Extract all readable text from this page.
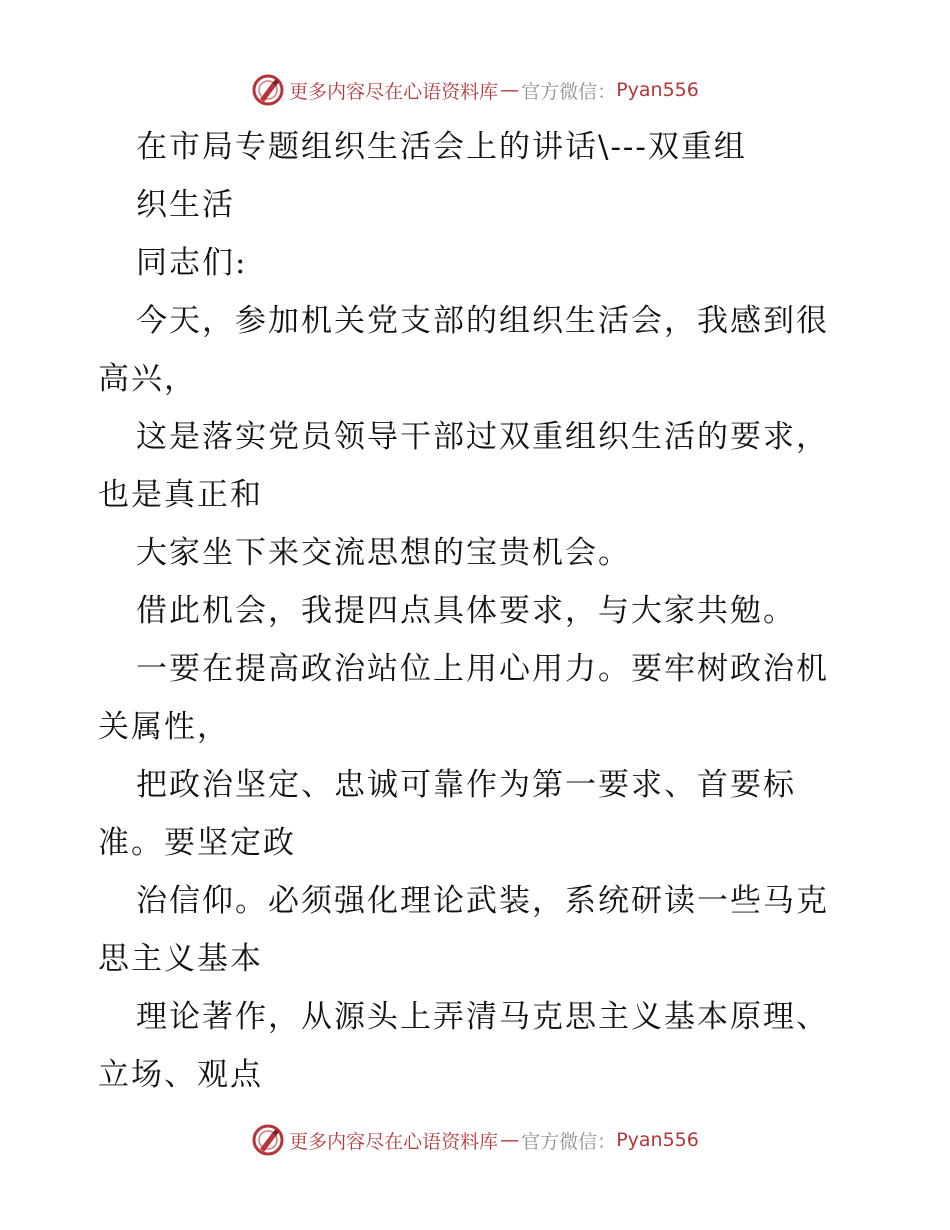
更多内容尽在心语资料库 — 官方微信 ： Pyan556
在市局专题组织生活会上的讲话\---双重组
织生活
同志们:
今天，参加机关党支部的组织生活会，我感到很
高兴，
这是落实党员领导干部过双重组织生活的要求，
也是真正和
大家坐下来交流思想的宝贵机会。
借此机会，我提四点具体要求，与大家共勉。
一要在提高政治站位上用心用力。要牢树政治机
关属性，
把政治坚定、忠诚可靠作为第一要求、首要标
准。要坚定政
治信仰。必须强化理论武装，系统研读一些马克
思主义基本
理论著作，从源头上弄清马克思主义基本原理、
立场、观点
更多内容尽在心语资料库 — 官方微信 ： Pyan556
